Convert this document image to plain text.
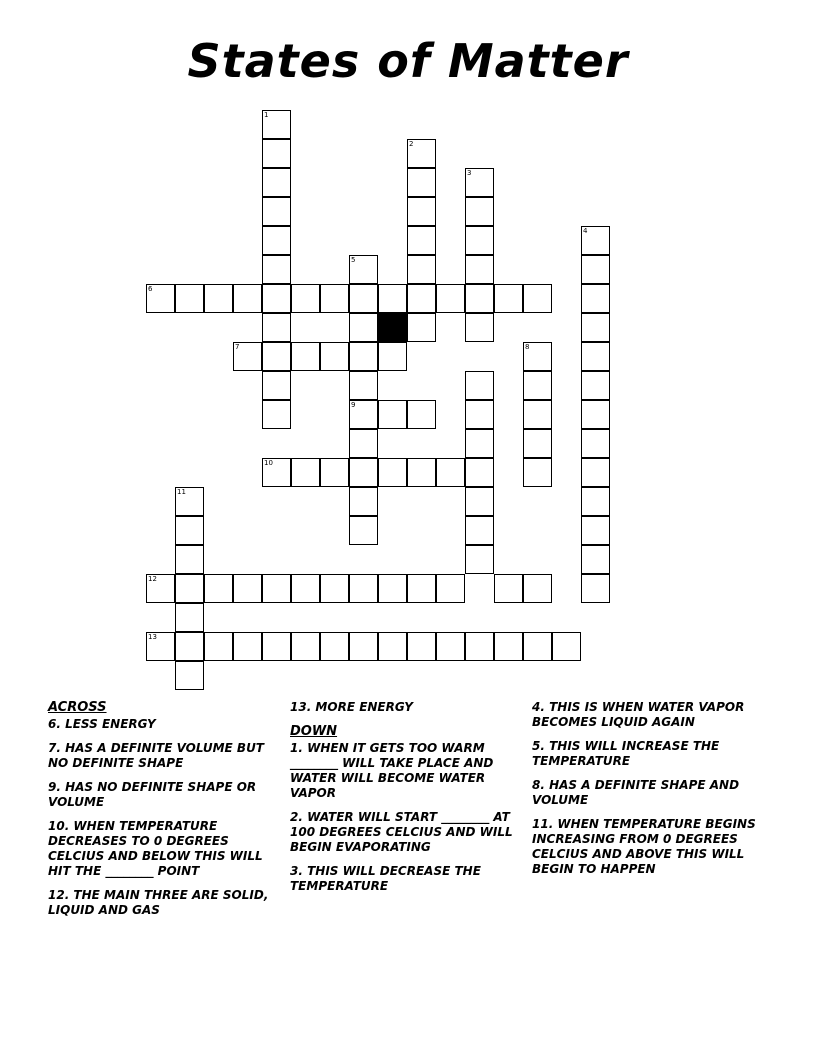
States of Matter
1
2
3
4
5
6
7	8
9
10
11
12
13
ACROSS
6. LESS ENERGY
7. HAS A DEFINITE VOLUME BUT NO DEFINITE SHAPE
9. HAS NO DEFINITE SHAPE OR VOLUME
10. WHEN TEMPERATURE DECREASES TO 0 DEGREES CELCIUS AND BELOW THIS WILL HIT THE ________ POINT
12. THE MAIN THREE ARE SOLID, LIQUID AND GAS
13. MORE ENERGY
DOWN
1. WHEN IT GETS TOO WARM ________ WILL TAKE PLACE AND WATER WILL BECOME WATER VAPOR
2. WATER WILL START ________ AT 100 DEGREES CELCIUS AND WILL BEGIN EVAPORATING
3. THIS WILL DECREASE THE TEMPERATURE
4. THIS IS WHEN WATER VAPOR BECOMES LIQUID AGAIN
5. THIS WILL INCREASE THE TEMPERATURE
8. HAS A DEFINITE SHAPE AND VOLUME
11. WHEN TEMPERATURE BEGINS INCREASING FROM 0 DEGREES CELCIUS AND ABOVE THIS WILL BEGIN TO HAPPEN
